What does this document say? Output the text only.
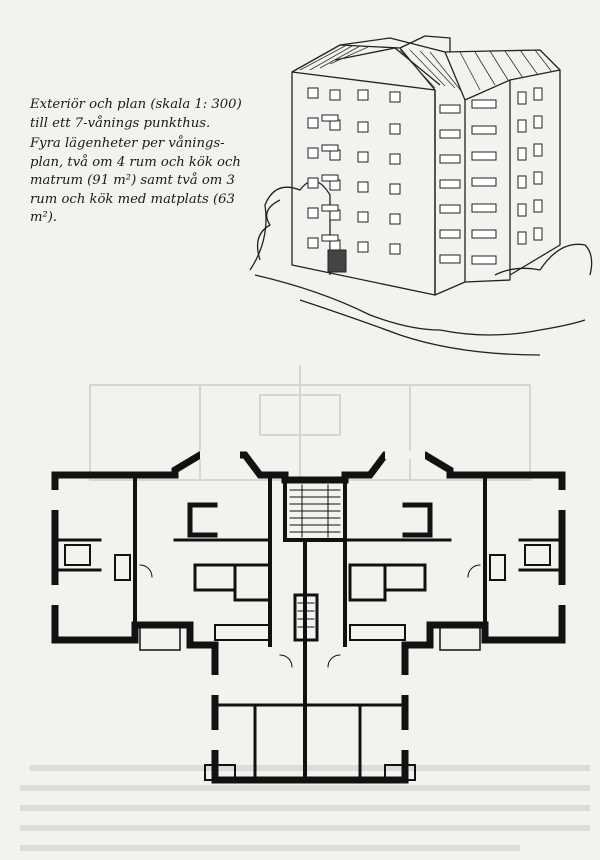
Exteriör och plan (skala 1: 300) till ett 7-vånings punkthus.

Fyra lägenheter per vånings-plan, två om 4 rum och kök och matrum (91 m²) samt två om 3 rum och kök med matplats (63 m²).
